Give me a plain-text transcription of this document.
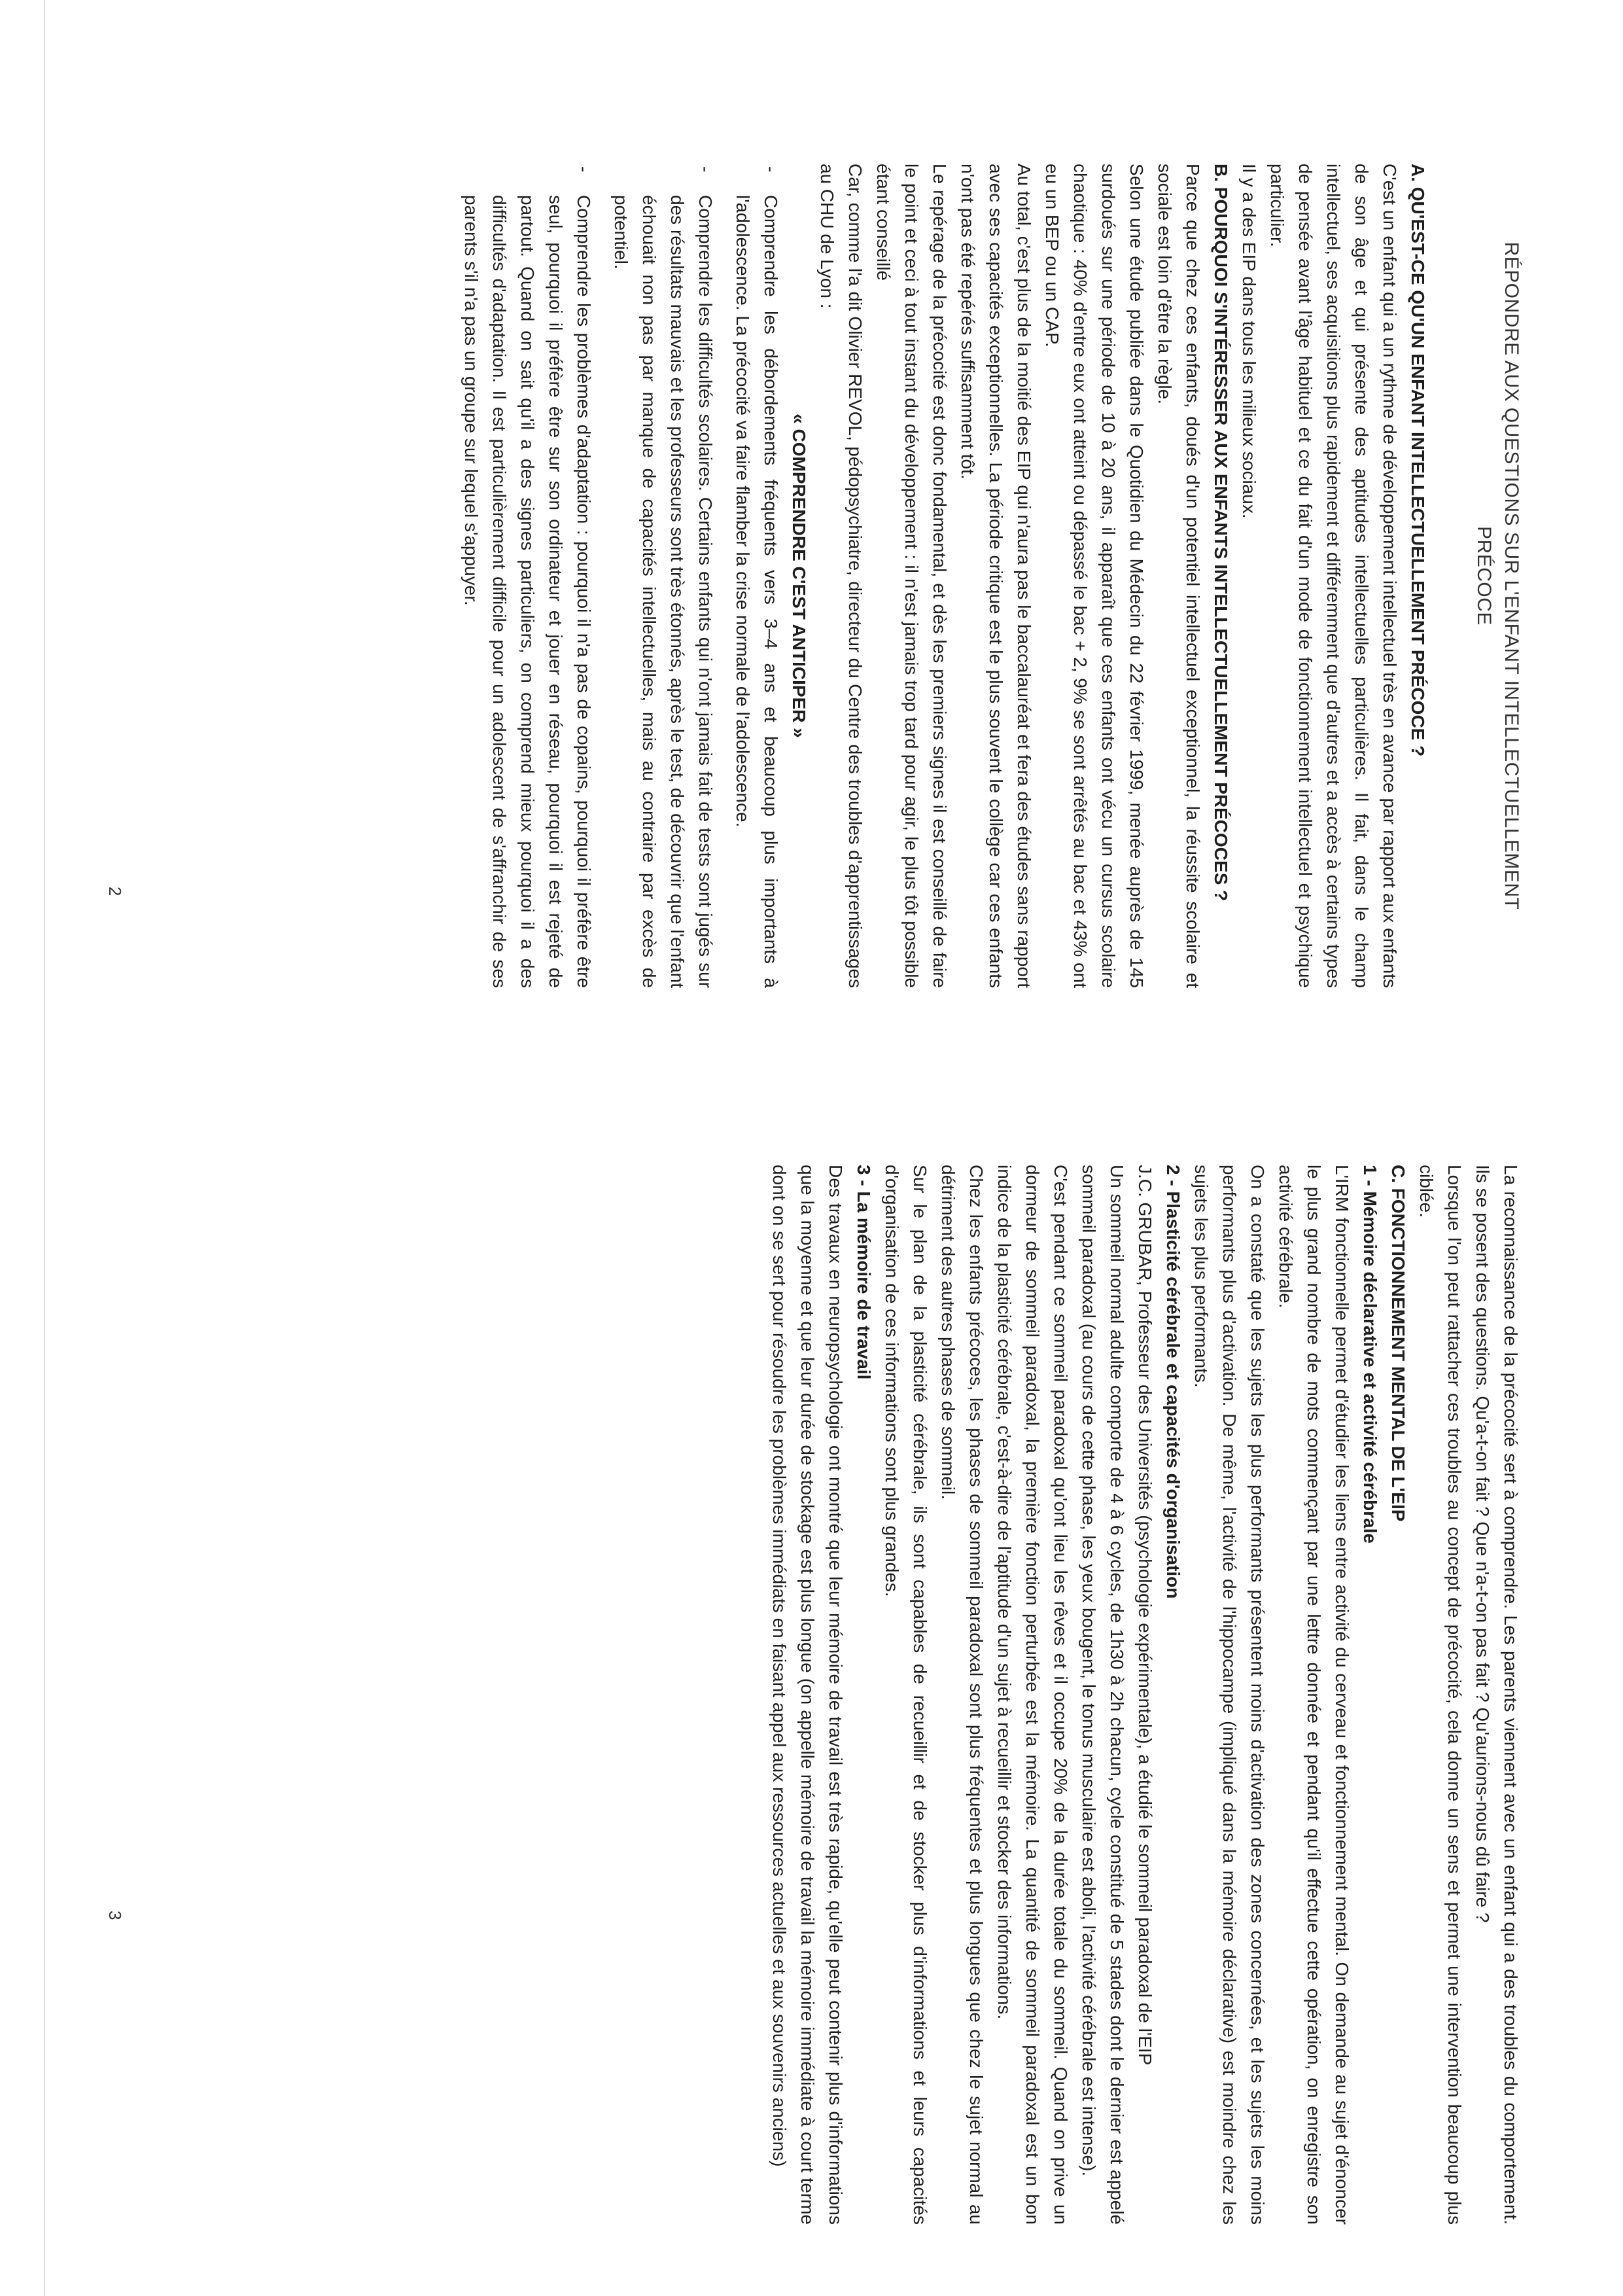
RÉPONDRE AUX QUESTIONS SUR L'ENFANT INTELLECTUELLEMENT
PRÉCOCE

A. QU'EST-CE QU'UN ENFANT INTELLECTUELLEMENT PRÉCOCE ?

C'est un enfant qui a un rythme de développement intellectuel très en avance par rapport aux enfants de son âge et qui présente des aptitudes intellectuelles particulières. Il fait, dans le champ intellectuel, ses acquisitions plus rapidement et différemment que d'autres et a accès à certains types de pensée avant l'âge habituel et ce du fait d'un mode de fonctionnement intellectuel et psychique particulier.

Il y a des EIP dans tous les milieux sociaux.

B. POURQUOI S'INTÉRESSER AUX ENFANTS INTELLECTUELLEMENT PRÉCOCES ?

Parce que chez ces enfants, doués d'un potentiel intellectuel exceptionnel, la réussite scolaire et sociale est loin d'être la règle.

Selon une étude publiée dans le Quotidien du Médecin du 22 février 1999, menée auprès de 145 surdoués sur une période de 10 à 20 ans, il apparaît que ces enfants ont vécu un cursus scolaire chaotique : 40% d'entre eux ont atteint ou dépassé le bac + 2, 9% se sont arrêtés au bac et 43% ont eu un BEP ou un CAP.

Au total, c'est plus de la moitié des EIP qui n'aura pas le baccalauréat et fera des études sans rapport avec ses capacités exceptionnelles. La période critique est le plus souvent le collège car ces enfants n'ont pas été repérés suffisamment tôt.

Le repérage de la précocité est donc fondamental, et dès les premiers signes il est conseillé de faire le point et ceci à tout instant du développement : il n'est jamais trop tard pour agir, le plus tôt possible étant conseillé

Car, comme l'a dit Olivier REVOL, pédopsychiatre, directeur du Centre des troubles d'apprentissages au CHU de Lyon :

« COMPRENDRE C'EST ANTICIPER »

- Comprendre les débordements fréquents vers 3–4 ans et beaucoup plus importants à l'adolescence. La précocité va faire flamber la crise normale de l'adolescence.
- Comprendre les difficultés scolaires. Certains enfants qui n'ont jamais fait de tests sont jugés sur des résultats mauvais et les professeurs sont très étonnés, après le test, de découvrir que l'enfant échouait non pas par manque de capacités intellectuelles, mais au contraire par excès de potentiel.
- Comprendre les problèmes d'adaptation : pourquoi il n'a pas de copains, pourquoi il préfère être seul, pourquoi il préfère être sur son ordinateur et jouer en réseau, pourquoi il est rejeté de partout. Quand on sait qu'il a des signes particuliers, on comprend mieux pourquoi il a des difficultés d'adaptation. Il est particulièrement difficile pour un adolescent de s'affranchir de ses parents s'il n'a pas un groupe sur lequel s'appuyer.

La reconnaissance de la précocité sert à comprendre. Les parents viennent avec un enfant qui a des troubles du comportement. Ils se posent des questions. Qu'a-t-on fait ? Que n'a-t-on pas fait ? Qu'aurions-nous dû faire ?

Lorsque l'on peut rattacher ces troubles au concept de précocité, cela donne un sens et permet une intervention beaucoup plus ciblée.

C. FONCTIONNEMENT MENTAL DE L'EIP

1 - Mémoire déclarative et activité cérébrale

L'IRM fonctionnelle permet d'étudier les liens entre activité du cerveau et fonctionnement mental. On demande au sujet d'énoncer le plus grand nombre de mots commençant par une lettre donnée et pendant qu'il effectue cette opération, on enregistre son activité cérébrale.

On a constaté que les sujets les plus performants présentent moins d'activation des zones concernées, et les sujets les moins performants plus d'activation. De même, l'activité de l'hippocampe (impliqué dans la mémoire déclarative) est moindre chez les sujets les plus performants.

2 - Plasticité cérébrale et capacités d'organisation

J.C. GRUBAR, Professeur des Universités (psychologie expérimentale), a étudié le sommeil paradoxal de l'EIP

Un sommeil normal adulte comporte de 4 à 6 cycles, de 1h30 à 2h chacun, cycle constitué de 5 stades dont le dernier est appelé sommeil paradoxal (au cours de cette phase, les yeux bougent, le tonus musculaire est aboli, l'activité cérébrale est intense).

C'est pendant ce sommeil paradoxal qu'ont lieu les rêves et il occupe 20% de la durée totale du sommeil. Quand on prive un dormeur de sommeil paradoxal, la première fonction perturbée est la mémoire. La quantité de sommeil paradoxal est un bon indice de la plasticité cérébrale, c'est-à-dire de l'aptitude d'un sujet à recueillir et stocker des informations.

Chez les enfants précoces, les phases de sommeil paradoxal sont plus fréquentes et plus longues que chez le sujet normal au détriment des autres phases de sommeil.

Sur le plan de la plasticité cérébrale, ils sont capables de recueillir et de stocker plus d'informations et leurs capacités d'organisation de ces informations sont plus grandes.

3 - La mémoire de travail

Des travaux en neuropsychologie ont montré que leur mémoire de travail est très rapide, qu'elle peut contenir plus d'informations que la moyenne et que leur durée de stockage est plus longue (on appelle mémoire de travail la mémoire immédiate à court terme dont on se sert pour résoudre les problèmes immédiats en faisant appel aux ressources actuelles et aux souvenirs anciens)

2
3
